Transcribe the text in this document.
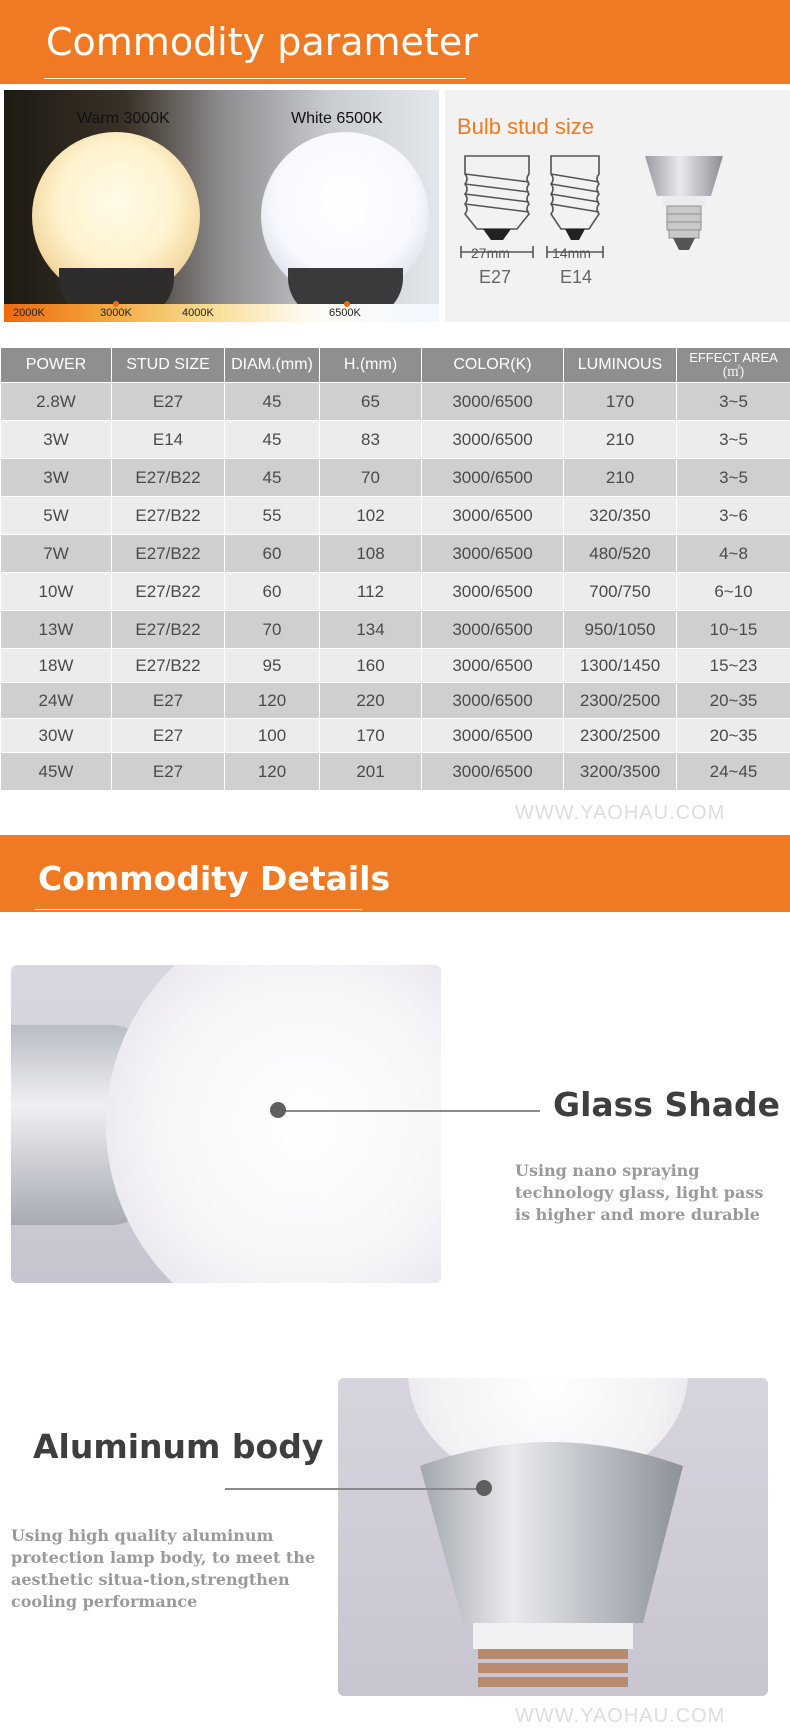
Commodity parameter
Warm 3000K	White 6500K
2000K	3000K	4000K	6500K
Bulb stud size
27mm
E27
14mm
E14
POWER	STUD SIZE	DIAM.(mm)	H.(mm)	COLOR(K)	LUMINOUS	EFFECT AREA
(㎡)
2.8W	E27	45	65	3000/6500	170	3~5
3W	E14	45	83	3000/6500	210	3~5
3W	E27/B22	45	70	3000/6500	210	3~5
5W	E27/B22	55	102	3000/6500	320/350	3~6
7W	E27/B22	60	108	3000/6500	480/520	4~8
10W	E27/B22	60	112	3000/6500	700/750	6~10
13W	E27/B22	70	134	3000/6500	950/1050	10~15
18W	E27/B22	95	160	3000/6500	1300/1450	15~23
24W	E27	120	220	3000/6500	2300/2500	20~35
30W	E27	100	170	3000/6500	2300/2500	20~35
45W	E27	120	201	3000/6500	3200/3500	24~45
WWW.YAOHAU.COM
Commodity Details
Glass Shade
Using nano spraying technology glass, light pass is higher and more durable
Aluminum body
Using high quality aluminum protection lamp body, to meet the aesthetic situa-tion,strengthen cooling performance
WWW.YAOHAU.COM
